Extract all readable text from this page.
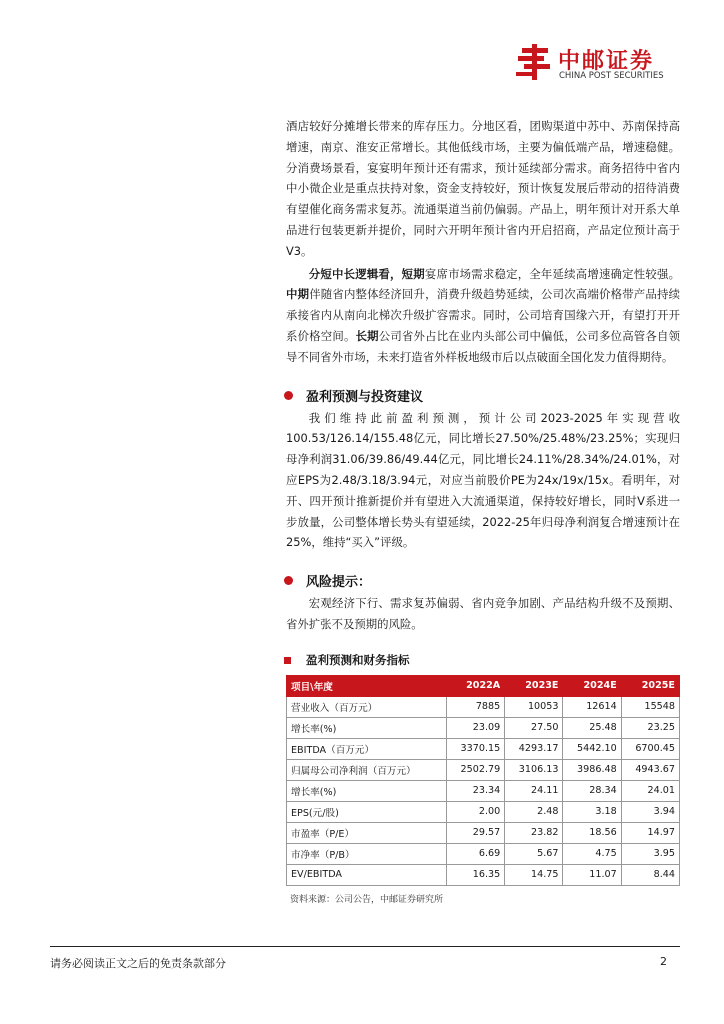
中邮证券
CHINA POST SECURITIES

酒店较好分摊增长带来的库存压力。分地区看，团购渠道中苏中、苏南保持高增速，南京、淮安正常增长。其他低线市场，主要为偏低端产品，增速稳健。分消费场景看，宴宴明年预计还有需求，预计延续部分需求。商务招待中省内中小微企业是重点扶持对象，资金支持较好，预计恢复发展后带动的招待消费有望催化商务需求复苏。流通渠道当前仍偏弱。产品上，明年预计对开系大单品进行包装更新并提价，同时六开明年预计省内开启招商，产品定位预计高于V3。

分短中长逻辑看，短期宴席市场需求稳定，全年延续高增速确定性较强。中期伴随省内整体经济回升，消费升级趋势延续，公司次高端价格带产品持续承接省内从南向北梯次升级扩容需求。同时，公司培育国缘六开，有望打开开系价格空间。长期公司省外占比在业内头部公司中偏低，公司多位高管各自领导不同省外市场，未来打造省外样板地级市后以点破面全国化发力值得期待。

盈利预测与投资建议

我们维持此前盈利预测，预计公司2023-2025年实现营收100.53/126.14/155.48亿元，同比增长27.50%/25.48%/23.25%；实现归母净利润31.06/39.86/49.44亿元，同比增长24.11%/28.34%/24.01%，对应EPS为2.48/3.18/3.94元，对应当前股价PE为24x/19x/15x。看明年，对开、四开预计推新提价并有望进入大流通渠道，保持较好增长，同时V系进一步放量，公司整体增长势头有望延续，2022-25年归母净利润复合增速预计在25%，维持“买入”评级。

风险提示：

宏观经济下行、需求复苏偏弱、省内竞争加剧、产品结构升级不及预期、省外扩张不及预期的风险。

盈利预测和财务指标
项目\年度	2022A	2023E	2024E	2025E
营业收入（百万元）	7885	10053	12614	15548
增长率(%)	23.09	27.50	25.48	23.25
EBITDA（百万元）	3370.15	4293.17	5442.10	6700.45
归属母公司净利润（百万元）	2502.79	3106.13	3986.48	4943.67
增长率(%)	23.34	24.11	28.34	24.01
EPS(元/股)	2.00	2.48	3.18	3.94
市盈率（P/E）	29.57	23.82	18.56	14.97
市净率（P/B）	6.69	5.67	4.75	3.95
EV/EBITDA	16.35	14.75	11.07	8.44
资料来源：公司公告，中邮证券研究所
请务必阅读正文之后的免责条款部分	2
